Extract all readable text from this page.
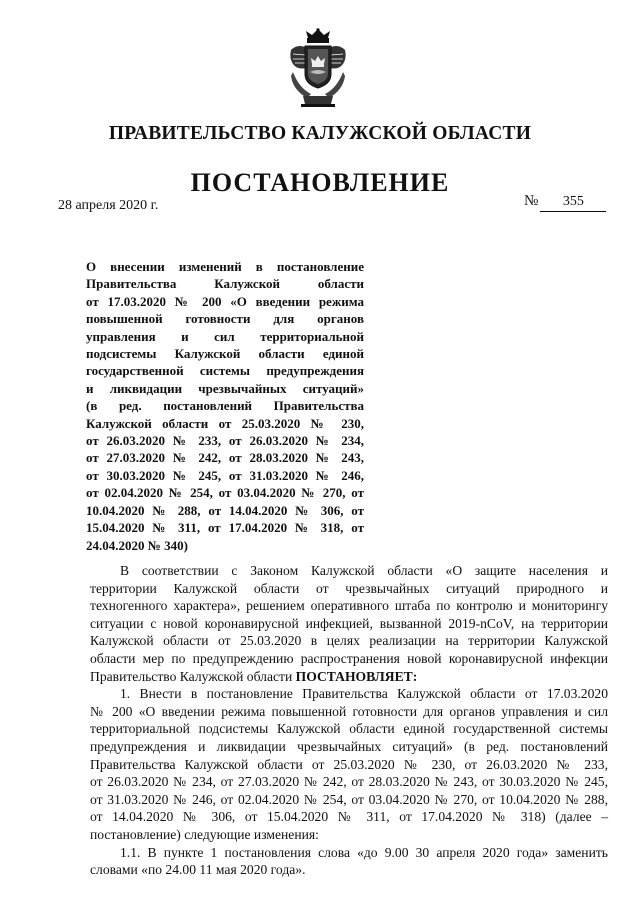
ПРАВИТЕЛЬСТВО КАЛУЖСКОЙ ОБЛАСТИ
ПОСТАНОВЛЕНИЕ
28 апреля 2020 г.	№ 355
О внесении изменений в постановление
Правительства Калужской области
от 17.03.2020 № 200 «О введении режима
повышенной готовности для органов
управления и сил территориальной
подсистемы Калужской области единой
государственной системы предупреждения
и ликвидации чрезвычайных ситуаций»
(в ред. постановлений Правительства
Калужской области от 25.03.2020 № 230,
от 26.03.2020 № 233, от 26.03.2020 № 234,
от 27.03.2020 № 242, от 28.03.2020 № 243,
от 30.03.2020 № 245, от 31.03.2020 № 246,
от 02.04.2020 № 254, от 03.04.2020 № 270, от
10.04.2020 № 288, от 14.04.2020 № 306, от
15.04.2020 № 311, от 17.04.2020 № 318, от
24.04.2020 № 340)

В соответствии с Законом Калужской области «О защите населения и
территории Калужской области от чрезвычайных ситуаций природного и
техногенного характера», решением оперативного штаба по контролю и мониторингу
ситуации с новой коронавирусной инфекцией, вызванной 2019-nCoV, на территории
Калужской области от 25.03.2020 в целях реализации на территории Калужской
области мер по предупреждению распространения новой коронавирусной инфекции
Правительство Калужской области ПОСТАНОВЛЯЕТ:

1. Внести в постановление Правительства Калужской области от 17.03.2020
№ 200 «О введении режима повышенной готовности для органов управления и сил
территориальной подсистемы Калужской области единой государственной системы
предупреждения и ликвидации чрезвычайных ситуаций» (в ред. постановлений
Правительства Калужской области от 25.03.2020 № 230, от 26.03.2020 № 233,
от 26.03.2020 № 234, от 27.03.2020 № 242, от 28.03.2020 № 243, от 30.03.2020 № 245,
от 31.03.2020 № 246, от 02.04.2020 № 254, от 03.04.2020 № 270, от 10.04.2020 № 288,
от 14.04.2020 № 306, от 15.04.2020 № 311, от 17.04.2020 № 318) (далее –
постановление) следующие изменения:

1.1. В пункте 1 постановления слова «до 9.00 30 апреля 2020 года» заменить
словами «по 24.00 11 мая 2020 года».
